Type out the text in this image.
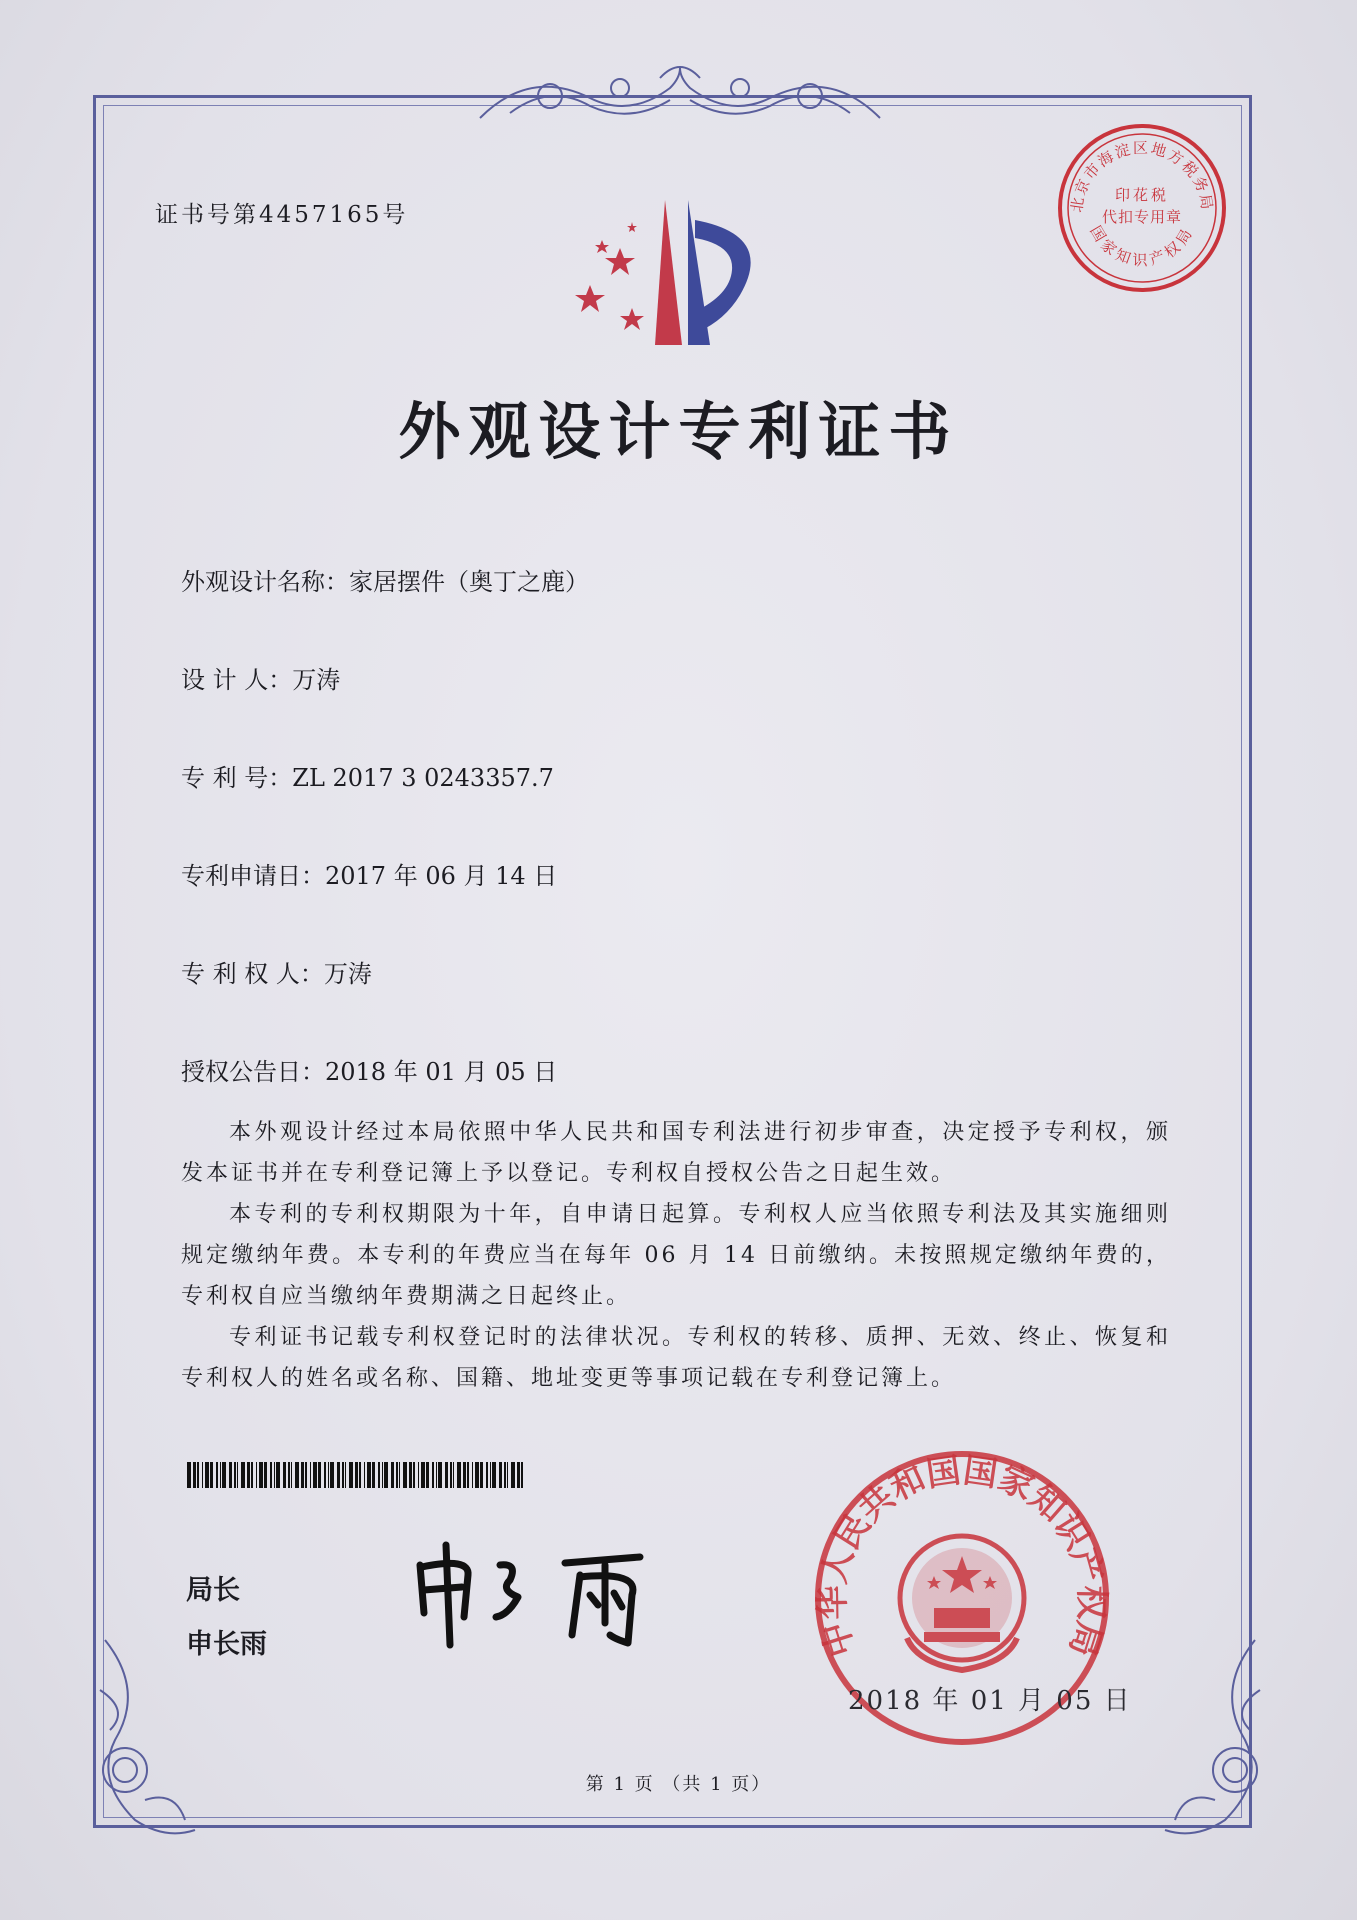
北京市海淀区地方税务局
国家知识产权局
印花税
代扣专用章
证书号第4457165号
外观设计专利证书
外观设计名称：家居摆件（奥丁之鹿）
设 计 人：万涛
专 利 号：ZL 2017 3 0243357.7
专利申请日：2017 年 06 月 14 日
专 利 权 人：万涛
授权公告日：2018 年 01 月 05 日

本外观设计经过本局依照中华人民共和国专利法进行初步审查，决定授予专利权，颁发本证书并在专利登记簿上予以登记。专利权自授权公告之日起生效。

本专利的专利权期限为十年，自申请日起算。专利权人应当依照专利法及其实施细则规定缴纳年费。本专利的年费应当在每年 06 月 14 日前缴纳。未按照规定缴纳年费的，专利权自应当缴纳年费期满之日起终止。

专利证书记载专利权登记时的法律状况。专利权的转移、质押、无效、终止、恢复和专利权人的姓名或名称、国籍、地址变更等事项记载在专利登记簿上。

局长
申长雨	中华人民共和国国家知识产权局
2018 年 01 月 05 日
第 1 页 （共 1 页）
